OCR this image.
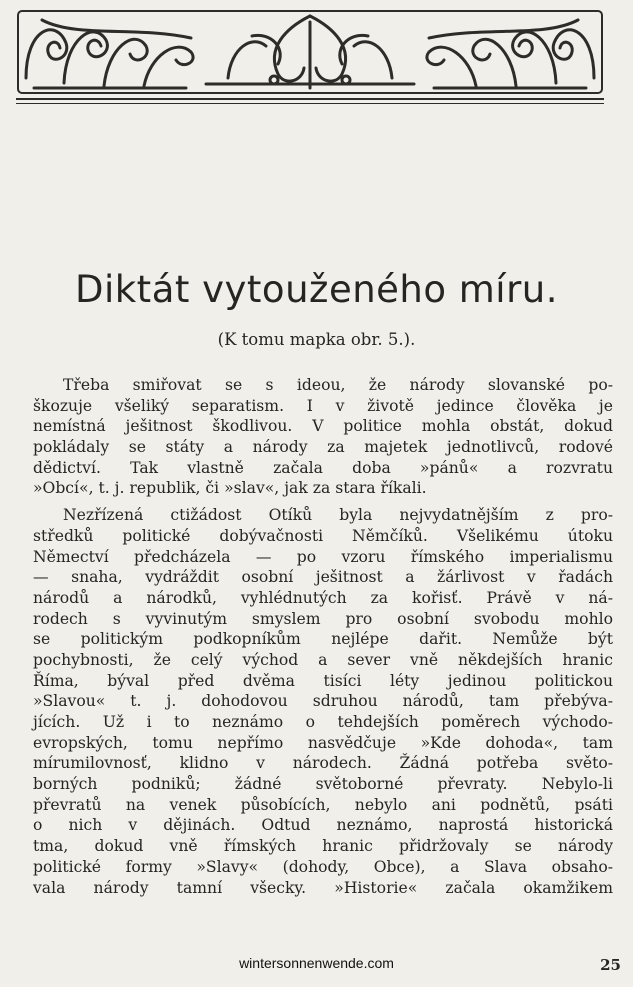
Diktát vytouženého míru.
(K tomu mapka obr. 5.).
Třeba smiřovat se s ideou, že národy slovanské po-
škozuje všeliký separatism. I v životě jedince člověka je
nemístná ješitnost škodlivou. V politice mohla obstát, dokud
pokládaly se státy a národy za majetek jednotlivců, rodové
dědictví. Tak vlastně začala doba »pánů« a rozvratu
»Obcí«, t. j. republik, či »slav«, jak za stara říkali.
Nezřízená ctižádost Otíků byla nejvydatnějším z pro-
středků politické dobývačnosti Němčíků. Všelikému útoku
Němectví předcházela — po vzoru římského imperialismu
— snaha, vydráždit osobní ješitnost a žárlivost v řadách
národů a národků, vyhlédnutých za kořisť. Právě v ná-
rodech s vyvinutým smyslem pro osobní svobodu mohlo
se politickým podkopníkům nejlépe dařit. Nemůže být
pochybnosti, že celý východ a sever vně někdejších hranic
Říma, býval před dvěma tisíci léty jedinou politickou
»Slavou« t. j. dohodovou sdruhou národů, tam přebýva-
jících. Už i to neznámo o tehdejších poměrech východo-
evropských, tomu nepřímo nasvědčuje »Kde dohoda«, tam
mírumilovnosť, klidno v národech. Žádná potřeba světo-
borných podniků; žádné světoborné převraty. Nebylo-li
převratů na venek působících, nebylo ani podnětů, psáti
o nich v dějinách. Odtud neznámo, naprostá historická
tma, dokud vně římských hranic přidržovaly se národy
politické formy »Slavy« (dohody, Obce), a Slava obsaho-
vala národy tamní všecky. »Historie« začala okamžikem
wintersonnenwende.com	25
